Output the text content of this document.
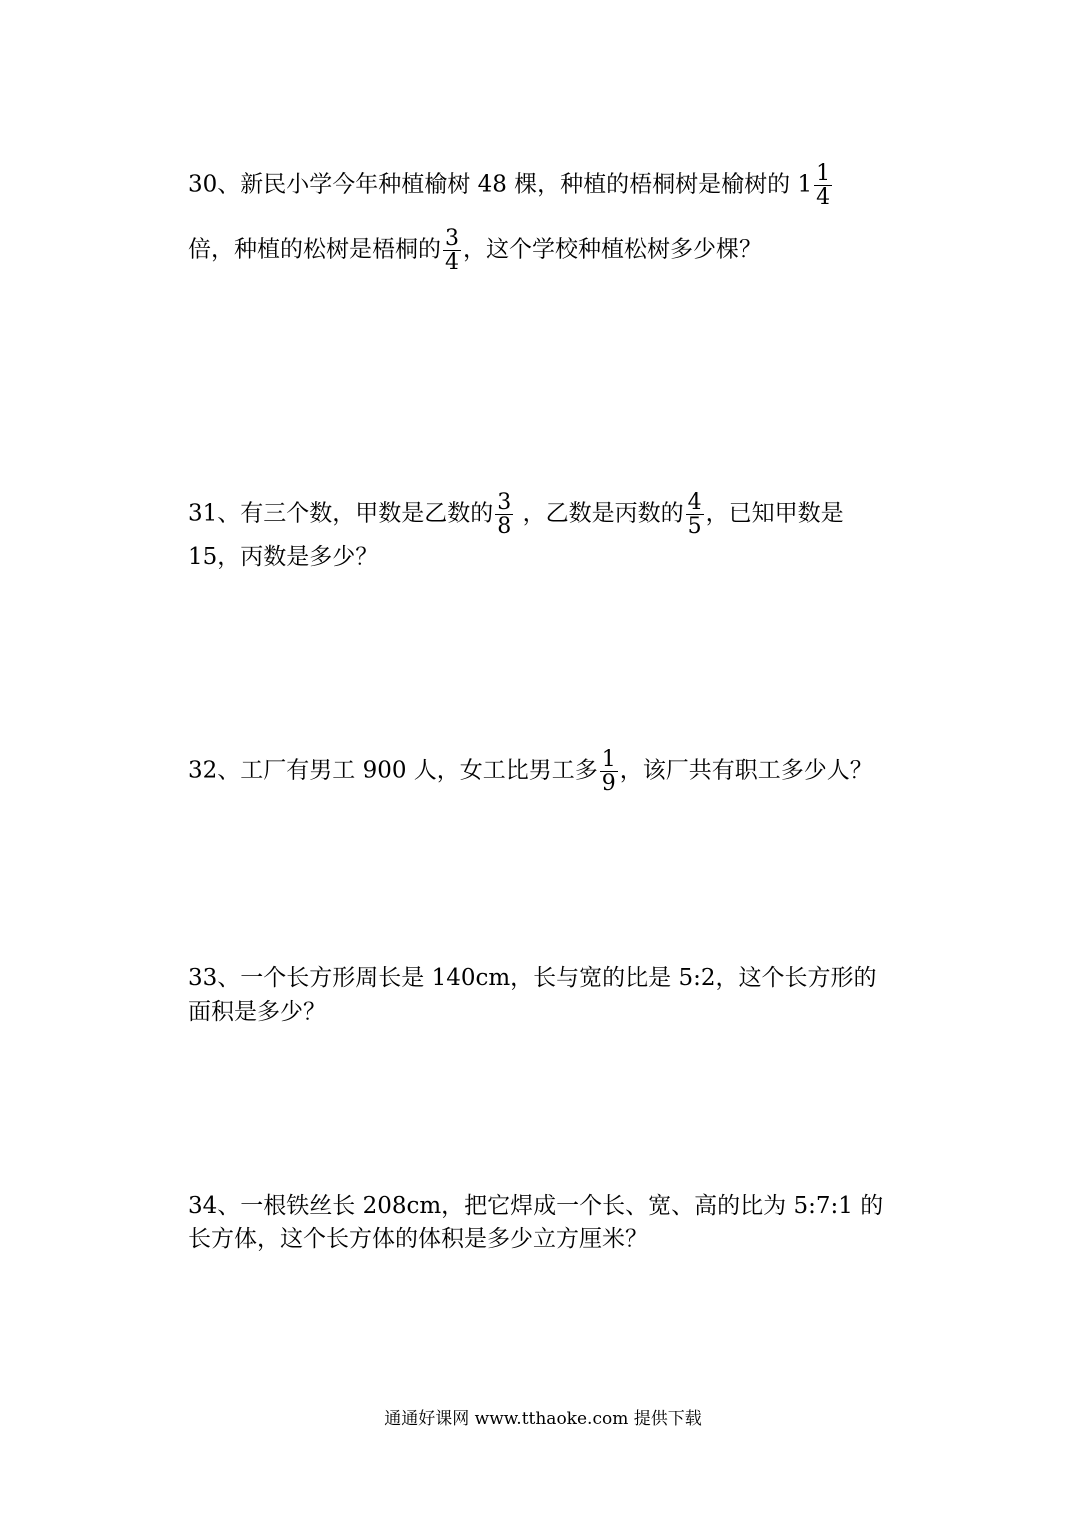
30、新民小学今年种植榆树 48 棵，种植的梧桐树是榆树的 $1 \frac{1}{4}$
倍，种植的松树是梧桐的 $\frac{3}{4}$ ，这个学校种植松树多少棵？
31、有三个数，甲数是乙数的 $\frac{3}{8}$ ，乙数是丙数的 $\frac{4}{5}$ ，已知甲数是
15，丙数是多少？
32、工厂有男工 900 人，女工比男工多 $\frac{1}{9}$ ，该厂共有职工多少人？
33、一个长方形周长是 140cm，长与宽的比是 5:2，这个长方形的
面积是多少？
34、一根铁丝长 208cm，把它焊成一个长、宽、高的比为 5:7:1 的
长方体，这个长方体的体积是多少立方厘米？
通通好课网 www.tthaoke.com 提供下载
